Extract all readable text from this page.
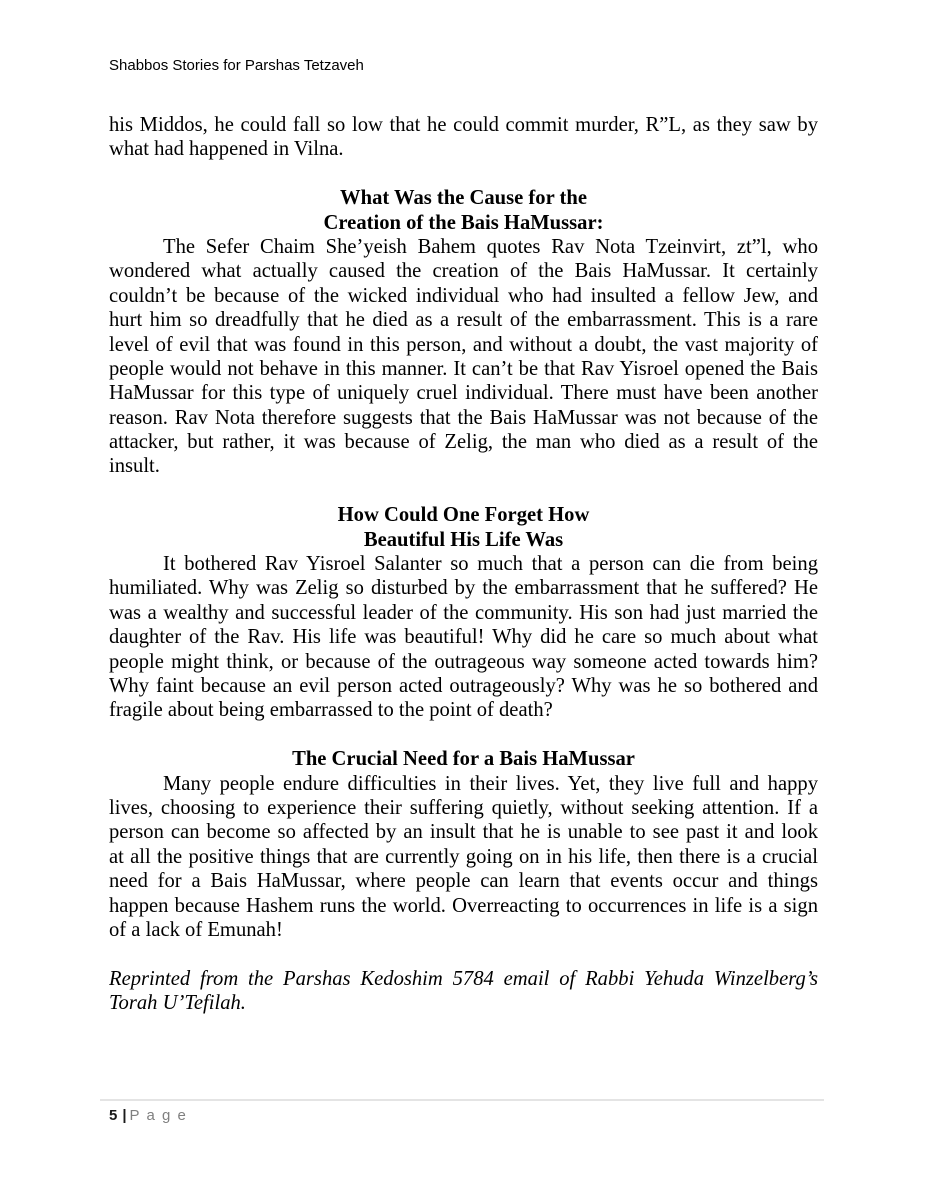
Shabbos Stories for Parshas Tetzaveh
his Middos, he could fall so low that he could commit murder, R”L, as they saw by
what had happened in Vilna.
What Was the Cause for the
Creation of the Bais HaMussar:
The Sefer Chaim She’yeish Bahem quotes Rav Nota Tzeinvirt, zt”l, who
wondered what actually caused the creation of the Bais HaMussar. It certainly
couldn’t be because of the wicked individual who had insulted a fellow Jew, and
hurt him so dreadfully that he died as a result of the embarrassment. This is a rare
level of evil that was found in this person, and without a doubt, the vast majority of
people would not behave in this manner. It can’t be that Rav Yisroel opened the Bais
HaMussar for this type of uniquely cruel individual. There must have been another
reason. Rav Nota therefore suggests that the Bais HaMussar was not because of the
attacker, but rather, it was because of Zelig, the man who died as a result of the
insult.
How Could One Forget How
Beautiful His Life Was
It bothered Rav Yisroel Salanter so much that a person can die from being
humiliated. Why was Zelig so disturbed by the embarrassment that he suffered? He
was a wealthy and successful leader of the community. His son had just married the
daughter of the Rav. His life was beautiful! Why did he care so much about what
people might think, or because of the outrageous way someone acted towards him?
Why faint because an evil person acted outrageously? Why was he so bothered and
fragile about being embarrassed to the point of death?
The Crucial Need for a Bais HaMussar
Many people endure difficulties in their lives. Yet, they live full and happy
lives, choosing to experience their suffering quietly, without seeking attention. If a
person can become so affected by an insult that he is unable to see past it and look
at all the positive things that are currently going on in his life, then there is a crucial
need for a Bais HaMussar, where people can learn that events occur and things
happen because Hashem runs the world. Overreacting to occurrences in life is a sign
of a lack of Emunah!
Reprinted from the Parshas Kedoshim 5784 email of Rabbi Yehuda Winzelberg’s
Torah U’Tefilah.
5 | P a g e
